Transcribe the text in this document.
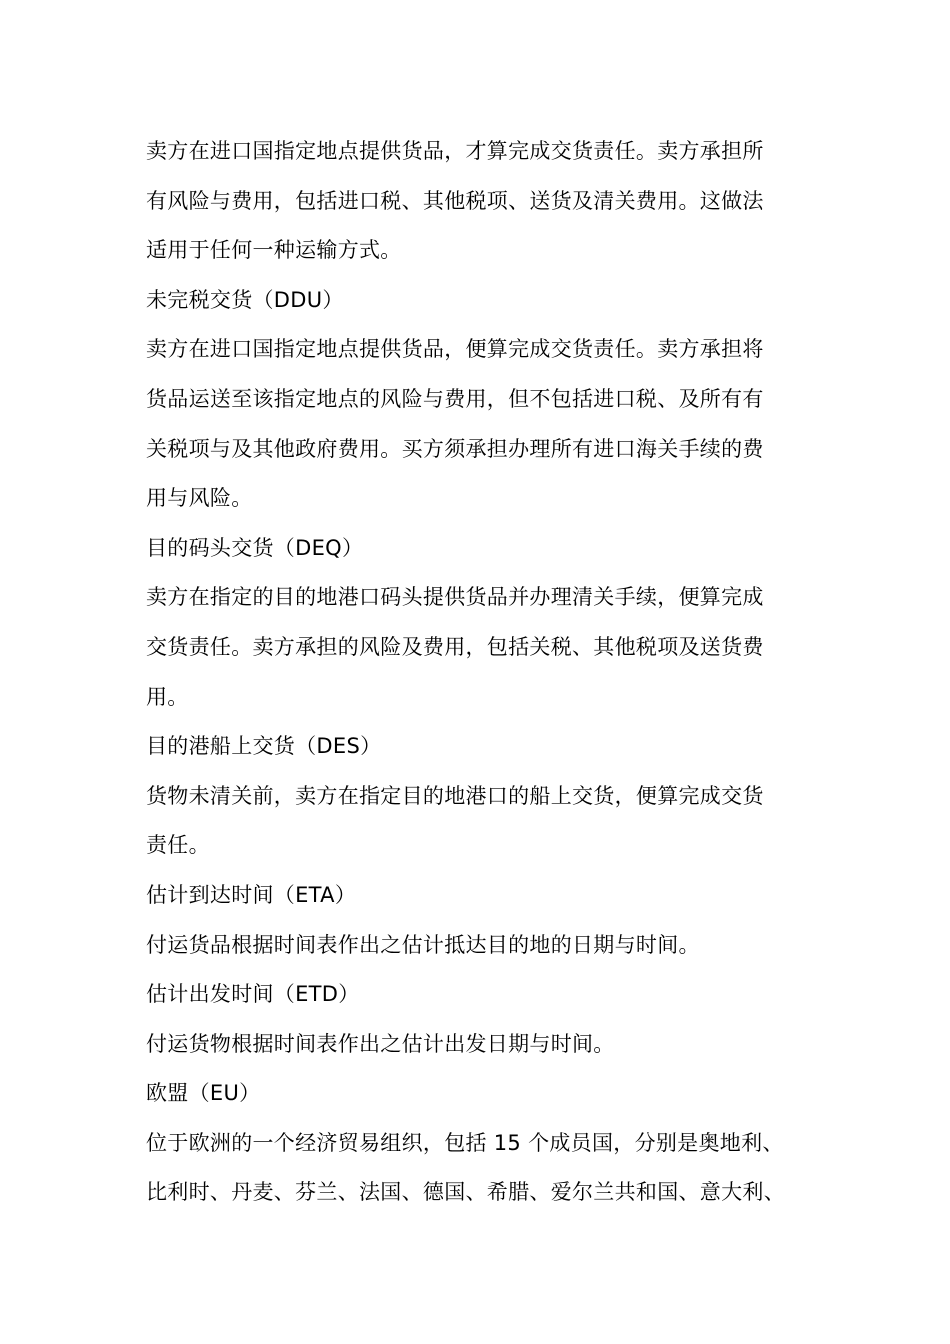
卖方在进口国指定地点提供货品，才算完成交货责任。卖方承担所
有风险与费用，包括进口税、其他税项、送货及清关费用。这做法
适用于任何一种运输方式。
未完税交货（DDU）
卖方在进口国指定地点提供货品，便算完成交货责任。卖方承担将
货品运送至该指定地点的风险与费用，但不包括进口税、及所有有
关税项与及其他政府费用。买方须承担办理所有进口海关手续的费
用与风险。
目的码头交货（DEQ）
卖方在指定的目的地港口码头提供货品并办理清关手续，便算完成
交货责任。卖方承担的风险及费用，包括关税、其他税项及送货费
用。
目的港船上交货（DES）
货物未清关前，卖方在指定目的地港口的船上交货，便算完成交货
责任。
估计到达时间（ETA）
付运货品根据时间表作出之估计抵达目的地的日期与时间。
估计出发时间（ETD）
付运货物根据时间表作出之估计出发日期与时间。
欧盟（EU）
位于欧洲的一个经济贸易组织，包括 15 个成员国，分别是奥地利、
比利时、丹麦、芬兰、法国、德国、希腊、爱尔兰共和国、意大利、
